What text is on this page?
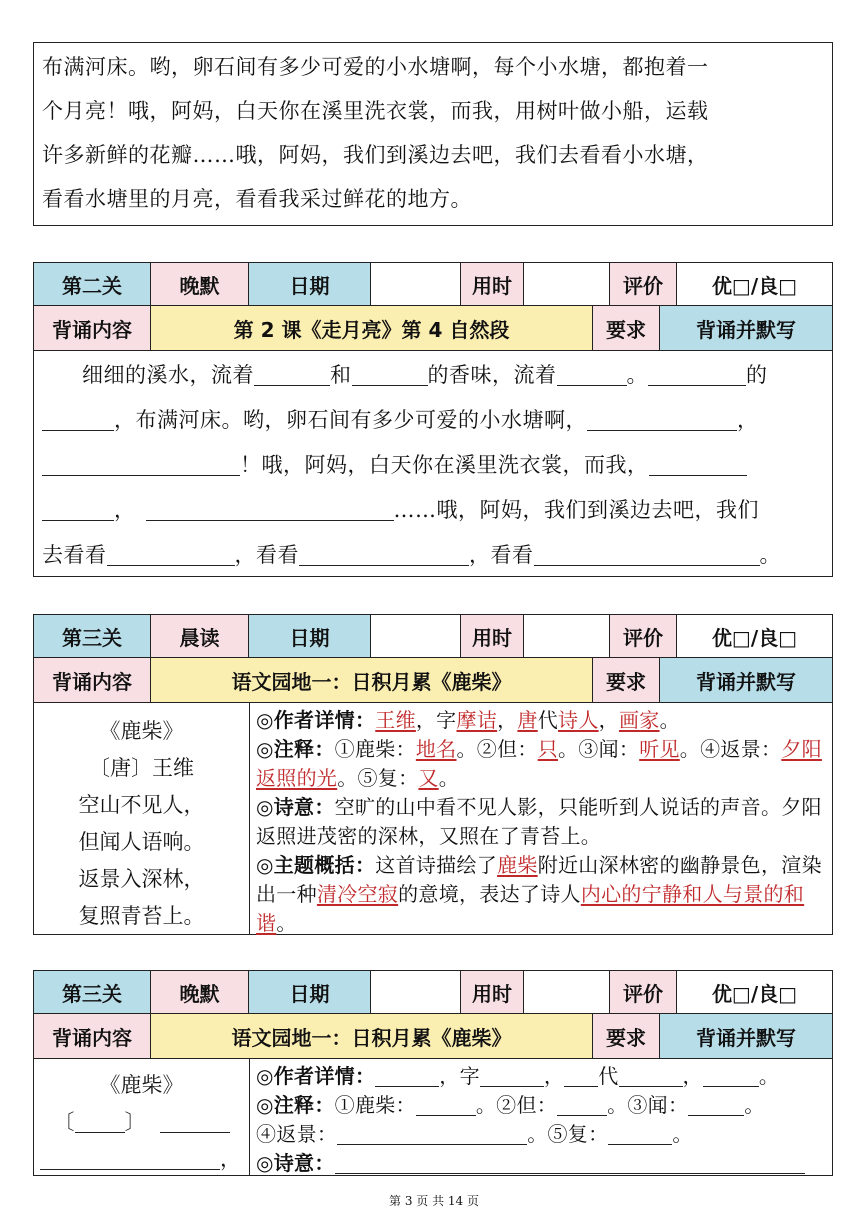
布满河床。哟，卵石间有多少可爱的小水塘啊，每个小水塘，都抱着一
个月亮！哦，阿妈，白天你在溪里洗衣裳，而我，用树叶做小船，运载
许多新鲜的花瓣……哦，阿妈，我们到溪边去吧，我们去看看小水塘，
看看水塘里的月亮，看看我采过鲜花的地方。
第二关	晚默	日期	用时	评价	优□/良□
背诵内容	第 2 课《走月亮》第 4 自然段	要求	背诵并默写
细细的溪水，流着	和	的香味，流着	。	的
，布满河床。哟，卵石间有多少可爱的小水塘啊，	，
！哦，阿妈，白天你在溪里洗衣裳，而我，
，	……哦，阿妈，我们到溪边去吧，我们
去看看	，看看	，看看	。
第三关	晨读	日期	用时	评价	优□/良□
背诵内容	语文园地一：日积月累《鹿柴》	要求	背诵并默写
《鹿柴》
〔唐〕王维
空山不见人，
但闻人语响。
返景入深林，
复照青苔上。
◎作者详情：王维，字摩诘，唐代诗人，画家。
◎注释：①鹿柴：地名。②但：只。③闻：听见。④返景：夕阳返照的光。⑤复：又。
◎诗意：空旷的山中看不见人影，只能听到人说话的声音。夕阳返照进茂密的深林，又照在了青苔上。
◎主题概括：这首诗描绘了鹿柴附近山深林密的幽静景色，渲染出一种清冷空寂的意境，表达了诗人内心的宁静和人与景的和谐。
第三关	晚默	日期	用时	评价	优□/良□
背诵内容	语文园地一：日积月累《鹿柴》	要求	背诵并默写
《鹿柴》
〔 〕
，
◎作者详情：	，字	， 代	，	。
◎注释：①鹿柴：	。②但：	。③闻：	。
④返景：	。⑤复：	。
◎诗意：
第 3 页 共 14 页
